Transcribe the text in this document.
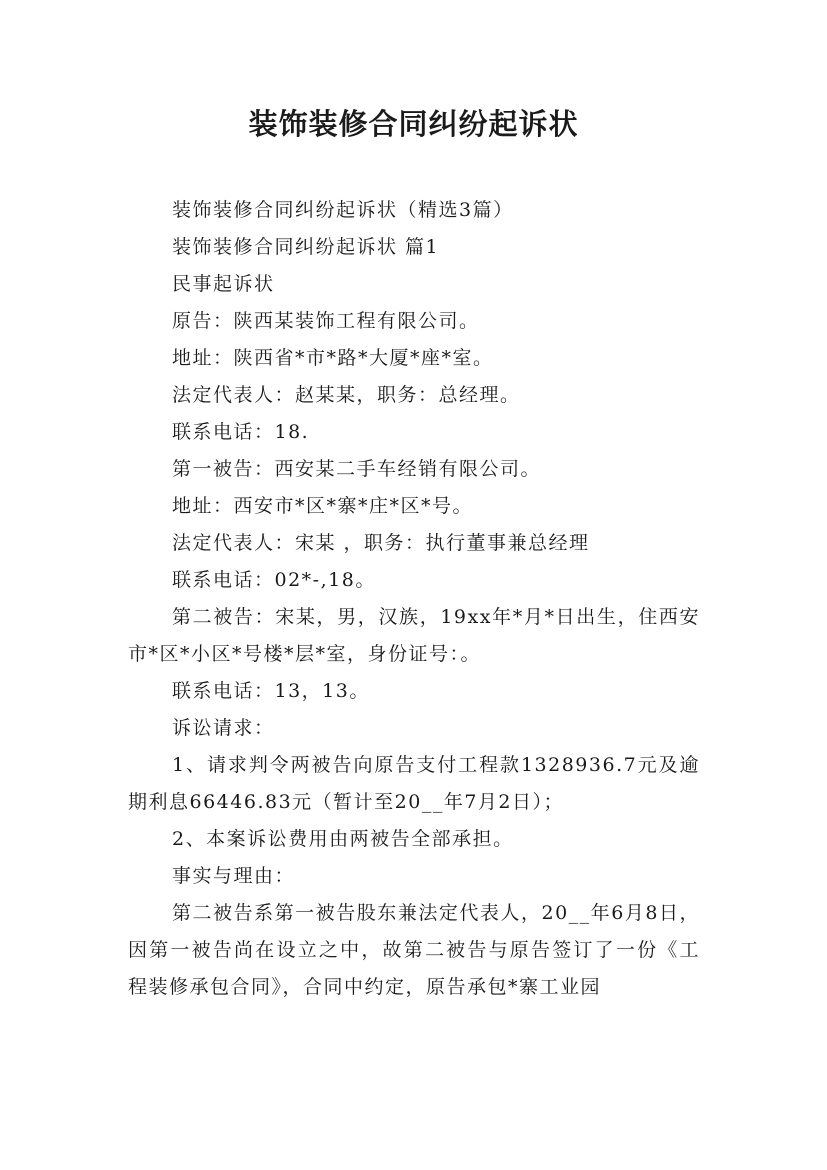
装饰装修合同纠纷起诉状

装饰装修合同纠纷起诉状（精选3篇）

装饰装修合同纠纷起诉状 篇1

民事起诉状

原告：陕西某装饰工程有限公司。

地址：陕西省*市*路*大厦*座*室。

法定代表人：赵某某，职务：总经理。

联系电话：18.

第一被告：西安某二手车经销有限公司。

地址：西安市*区*寨*庄*区*号。

法定代表人：宋某 ，职务：执行董事兼总经理

联系电话：02*-,18。

第二被告：宋某，男，汉族，19xx年*月*日出生，住西安市*区*小区*号楼*层*室，身份证号：。

联系电话：13，13。

诉讼请求：

1、请求判令两被告向原告支付工程款1328936.7元及逾期利息66446.83元（暂计至20__年7月2日）；

2、本案诉讼费用由两被告全部承担。

事实与理由：

第二被告系第一被告股东兼法定代表人，20__年6月8日，因第一被告尚在设立之中，故第二被告与原告签订了一份《工程装修承包合同》，合同中约定，原告承包*寨工业园
